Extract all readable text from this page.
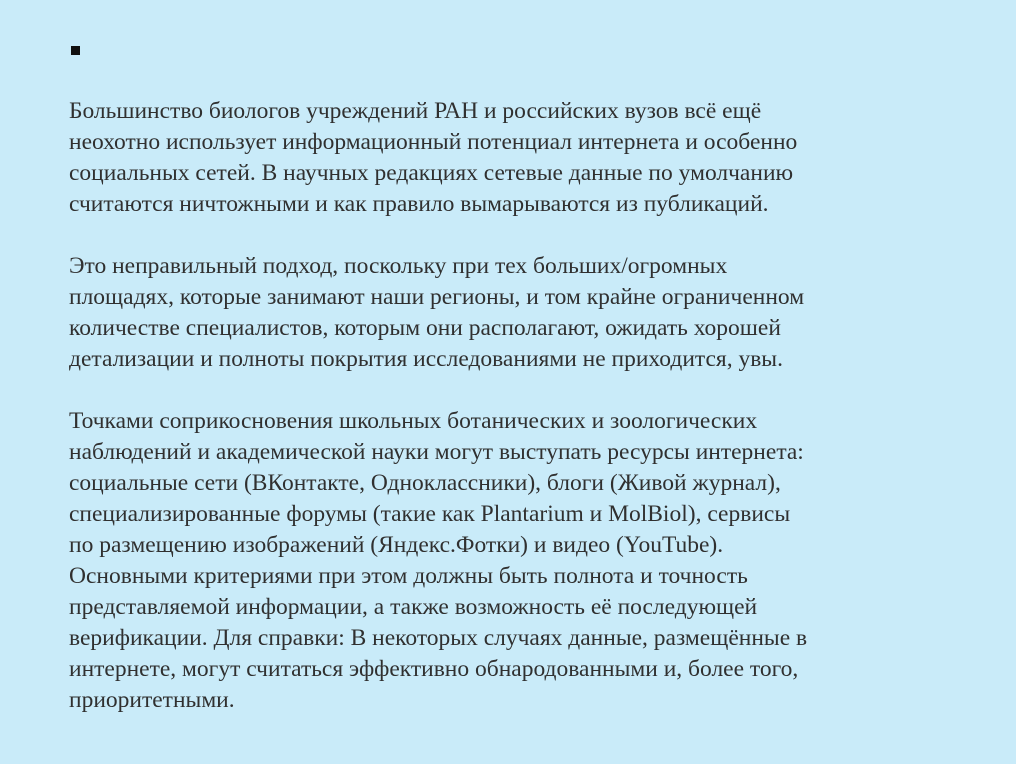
Большинство биологов учреждений РАН и российских вузов всё ещё
неохотно использует информационный потенциал интернета и особенно
социальных сетей. В научных редакциях сетевые данные по умолчанию
считаются ничтожными и как правило вымарываются из публикаций.

Это неправильный подход, поскольку при тех больших/огромных
площадях, которые занимают наши регионы, и том крайне ограниченном
количестве специалистов, которым они располагают, ожидать хорошей
детализации и полноты покрытия исследованиями не приходится, увы.

Точками соприкосновения школьных ботанических и зоологических
наблюдений и академической науки могут выступать ресурсы интернета:
социальные сети (ВКонтакте, Одноклассники), блоги (Живой журнал),
специализированные форумы (такие как Plantarium и MolBiol), сервисы
по размещению изображений (Яндекс.Фотки) и видео (YouTube).
Основными критериями при этом должны быть полнота и точность
представляемой информации, а также возможность её последующей
верификации. Для справки: В некоторых случаях данные, размещённые в
интернете, могут считаться эффективно обнародованными и, более того,
приоритетными.
